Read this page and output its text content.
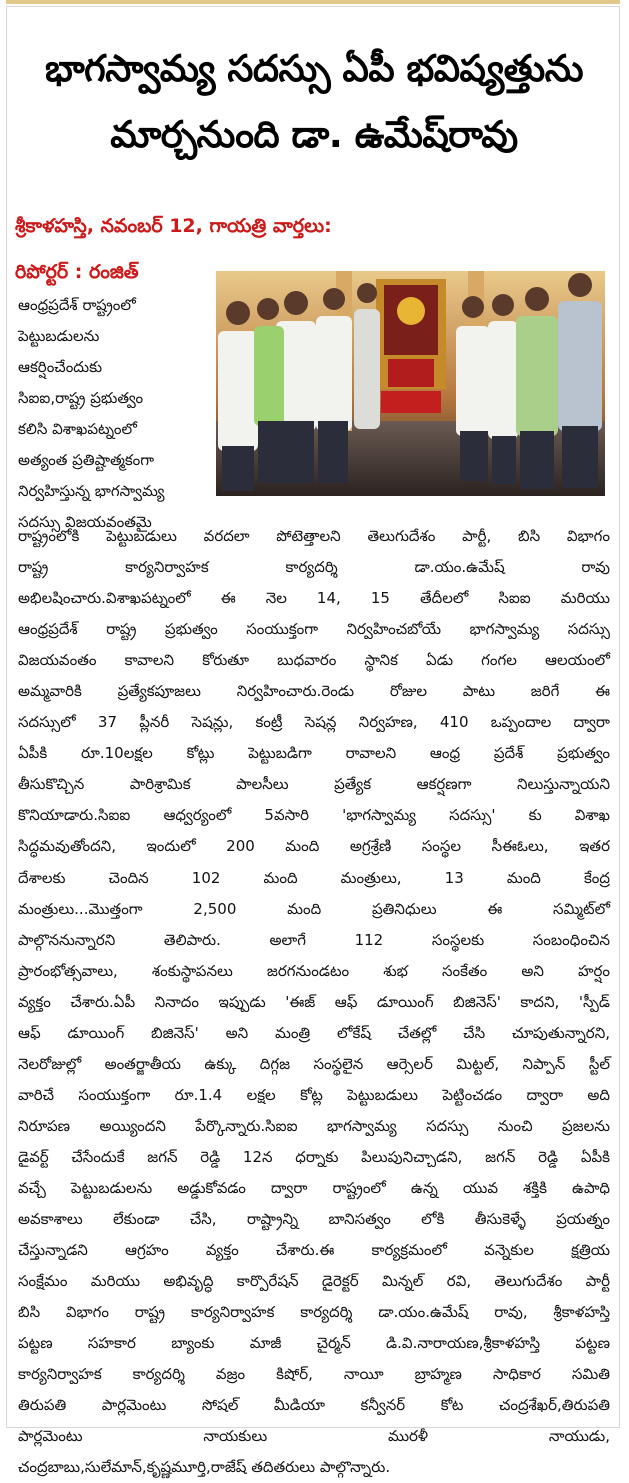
భాగస్వామ్య సదస్సు ఏపీ భవిష్యత్తును
మార్చనుంది డా. ఉమేష్‌రావు
శ్రీకాళహస్తి, నవంబర్ 12, గాయత్రి వార్తలు:
రిపోర్టర్ : రంజిత్

ఆంధ్రప్రదేశ్ రాష్ట్రంలో

పెట్టుబడులను

ఆకర్షించేందుకు

సిఐఐ,రాష్ట్ర ప్రభుత్వం

కలిసి విశాఖపట్నంలో

అత్యంత ప్రతిష్టాత్మకంగా

నిర్వహిస్తున్న భాగస్వామ్య

సదస్సు విజయవంతమై

రాష్ట్రంలోకి పెట్టుబడులు వరదలా పోటెత్తాలని తెలుగుదేశం పార్టీ, బిసి విభాగం

రాష్ట్ర కార్యనిర్వాహక కార్యదర్శి డా.యం.ఉమేష్ రావు

అభిలషించారు.విశాఖపట్నంలో ఈ నెల 14, 15 తేదీలలో సిఐఐ మరియు

ఆంధ్రప్రదేశ్ రాష్ట్ర ప్రభుత్వం సంయుక్తంగా నిర్వహించబోయే భాగస్వామ్య సదస్సు

విజయవంతం కావాలని కోరుతూ బుధవారం స్థానిక ఏడు గంగల ఆలయంలో

అమ్మవారికి ప్రత్యేకపూజలు నిర్వహించారు.రెండు రోజుల పాటు జరిగే ఈ

సదస్సులో 37 ప్లీనరీ సెషన్లు, కంట్రీ సెషన్ల నిర్వహణ, 410 ఒప్పందాల ద్వారా

ఏపీకి రూ.10లక్షల కోట్లు పెట్టుబడిగా రావాలని ఆంధ్ర ప్రదేశ్ ప్రభుత్వం

తీసుకొచ్చిన పారిశ్రామిక పాలసీలు ప్రత్యేక ఆకర్షణగా నిలుస్తున్నాయని

కొనియాడారు.సిఐఐ ఆధ్వర్యంలో 5వసారి 'భాగస్వామ్య సదస్సు' కు విశాఖ

సిద్ధమవుతోందని, ఇందులో 200 మంది అగ్రశ్రేణి సంస్థల సీఈఓలు, ఇతర

దేశాలకు చెందిన 102 మంది మంత్రులు, 13 మంది కేంద్ర

మంత్రులు...మొత్తంగా 2,500 మంది ప్రతినిధులు ఈ సమ్మిట్‌లో

పాల్గొననున్నారని తెలిపారు. అలాగే 112 సంస్థలకు సంబంధించిన

ప్రారంభోత్సవాలు, శంకుస్థాపనలు జరగనుండటం శుభ సంకేతం అని హర్షం

వ్యక్తం చేశారు.ఏపీ నినాదం ఇప్పుడు 'ఈజ్ ఆఫ్ డూయింగ్ బిజినెస్' కాదని, 'స్పీడ్

ఆఫ్ డూయింగ్ బిజినెస్' అని మంత్రి లోకేష్ చేతల్లో చేసి చూపుతున్నారని,

నెలరోజుల్లో అంతర్జాతీయ ఉక్కు దిగ్గజ సంస్థలైన ఆర్సెలర్ మిట్టల్, నిప్పాన్ స్టీల్

వారిచే సంయుక్తంగా రూ.1.4 లక్షల కోట్ల పెట్టుబడులు పెట్టించడం ద్వారా అది

నిరూపణ అయ్యిందని పేర్కొన్నారు.సిఐఐ భాగస్వామ్య సదస్సు నుంచి ప్రజలను

డైవర్ట్ చేసేందుకే జగన్ రెడ్డి 12న ధర్నాకు పిలుపునిచ్చాడని, జగన్ రెడ్డి ఏపీకి

వచ్చే పెట్టుబడులను అడ్డుకోవడం ద్వారా రాష్ట్రంలో ఉన్న యువ శక్తికి ఉపాధి

అవకాశాలు లేకుండా చేసి, రాష్ట్రాన్ని బానిసత్వం లోకి తీసుకెళ్ళే ప్రయత్నం

చేస్తున్నాడని ఆగ్రహం వ్యక్తం చేశారు.ఈ కార్యక్రమంలో వన్నెకుల క్షత్రియ

సంక్షేమం మరియు అభివృద్ధి కార్పొరేషన్ డైరెక్టర్ మిన్నల్ రవి, తెలుగుదేశం పార్టీ

బిసి విభాగం రాష్ట్ర కార్యనిర్వాహక కార్యదర్శి డా.యం.ఉమేష్ రావు, శ్రీకాళహస్తి

పట్టణ సహకార బ్యాంకు మాజీ చైర్మన్ డి.వి.నారాయణ,శ్రీకాళహస్తి పట్టణ

కార్యనిర్వాహక కార్యదర్శి వజ్రం కిషోర్, నాయీ బ్రాహ్మణ సాధికార సమితి

తిరుపతి పార్లమెంటు సోషల్ మీడియా కన్వీనర్ కోట చంద్రశేఖర్,తిరుపతి

పార్లమెంటు నాయకులు మురళీ నాయుడు,

చంద్రబాబు,సులేమాన్,కృష్ణమూర్తి,రాజేష్ తదితరులు పాల్గొన్నారు.
